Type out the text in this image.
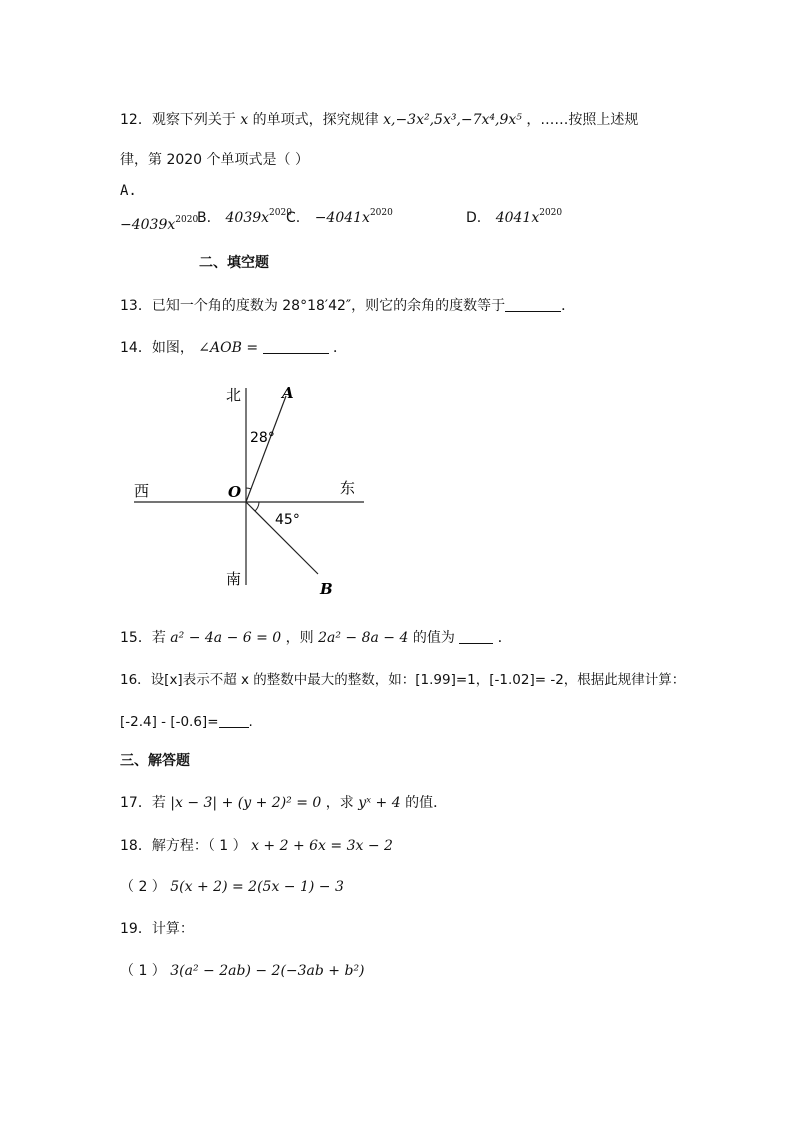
12．观察下列关于 x 的单项式，探究规律 x,−3x²,5x³,−7x⁴,9x⁵ ，……按照上述规
律，第 2020 个单项式是（ ）
A.
$-4039x^{2020}$
B. $4039x^{2020}$
C. $-4041x^{2020}$	D. $4041x^{2020}$
二、填空题
13．已知一个角的度数为 28°18′42″，则它的余角的度数等于	．
14．如图， ∠AOB =	．
北
南
西	东
O
A
B
28°
45°
15．若 a² − 4a − 6 = 0 ，则 2a² − 8a − 4 的值为	．
16．设[x]表示不超 x 的整数中最大的整数，如：[1.99]=1，[-1.02]= -2，根据此规律计算：
[-2.4] - [-0.6]= .
三、解答题
17．若 |x − 3| + (y + 2)² = 0 ，求 yˣ + 4 的值．
18．解方程：（ 1 ） x + 2 + 6x = 3x − 2
（ 2 ） 5(x + 2) = 2(5x − 1) − 3
19．计算：
（ 1 ） 3(a² − 2ab) − 2(−3ab + b²)
